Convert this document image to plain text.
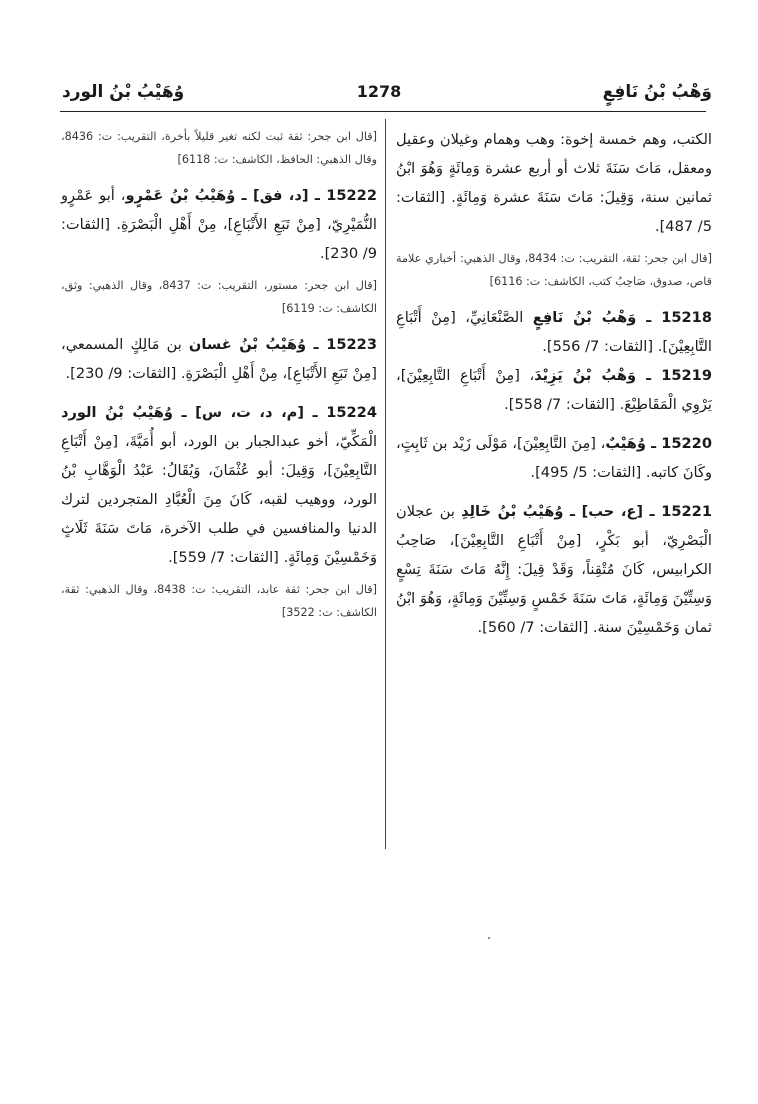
وَهْبُ بْنُ نَافِعٍ
1278
وُهَيْبُ بْنُ الورد

الكتب، وهم خمسة إخوة: وهب وهمام وغيلان وعقيل ومعقل، مَاتَ سَنَةَ ثلاث أو أربع عشرة وَمِائَةٍ وَهُوَ ابْنُ ثمانين سنة، وَقِيلَ: مَاتَ سَنَةَ عشرة وَمِائَةٍ. [الثقات: 5/ 487].

[قال ابن جحر: ثقة، التقريب: ت: 8434، وقال الذهبي: أخباري علامة قاص، صدوق، صَاحِبُ كتب، الكاشف: ت: 6116]

15218 ـ وَهْبُ بْنُ نَافِعٍ الصَّنْعَانِيِّ، [مِنْ أَتْبَاعِ التَّابِعِيْنَ]. [الثقات: 7/ 556].

15219 ـ وَهْبُ بْنُ يَزِيْدَ، [مِنْ أَتْبَاعِ التَّابِعِيْنَ]، يَرْوِي الْمَقَاطِيْعَ. [الثقات: 7/ 558].

15220 ـ وُهَيْبٌ، [مِنَ التَّابِعِيْنَ]، مَوْلَى زَيْد بن ثَابِتٍ، وكَانَ كاتبه. [الثقات: 5/ 495].

15221 ـ [ع، حب] ـ وُهَيْبُ بْنُ خَالِدِ بن عجلان الْبَصْرِيّ، أبو بَكْرٍ، [مِنْ أَتْبَاعِ التَّابِعِيْنَ]، صَاحِبُ الكرابيس، كَانَ مُتْقِناً، وَقَدْ قِيلَ: إِنَّهُ مَاتَ سَنَةَ تِسْعٍ وَسِتِّيْنَ وَمِائَةٍ، مَاتَ سَنَةَ خَمْسٍ وَسِتِّيْنَ وَمِائَةٍ، وَهُوَ ابْنُ ثمان وَخَمْسِيْنَ سنة. [الثقات: 7/ 560].

[قال ابن جحر: ثقة ثبت لكنه تغير قليلاً بأخرة، التقريب: ت: 8436، وقال الذهبي: الحافظ، الكاشف: ت: 6118]

15222 ـ [د، فق] ـ وُهَيْبُ بْنُ عَمْرٍو، أبو عَمْرٍو النُّمَيْرِيّ، [مِنْ تَبَعِ الأَتْبَاعِ]، مِنْ أَهْلِ الْبَصْرَةِ. [الثقات: 9/ 230].

[قال ابن جحر: مستور، التقريب: ت: 8437، وقال الذهبي: وثق، الكاشف: ت: 6119]

15223 ـ وُهَيْبُ بْنُ غسان بن مَالِكٍ المسمعي، [مِنْ تَبَعِ الأَتْبَاعِ]، مِنْ أَهْلِ الْبَصْرَةِ. [الثقات: 9/ 230].

15224 ـ [م، د، ت، س] ـ وُهَيْبُ بْنُ الورد الْمَكِّيّ، أخو عبدالجبار بن الورد، أبو أُمَيَّةَ، [مِنْ أَتْبَاعِ التَّابِعِيْنَ]، وَقِيلَ: أبو عُثْمَانَ، وَيُقَالُ: عَبْدُ الْوَهَّابِ بْنُ الورد، ووهيب لقبه، كَانَ مِنَ الْعُبَّادِ المتجردين لترك الدنيا والمنافسين في طلب الآخرة، مَاتَ سَنَةَ ثَلَاثٍ وَخَمْسِيْنَ وَمِائَةٍ. [الثقات: 7/ 559].

[قال ابن جحر: ثقة عابد، التقريب: ت: 8438، وقال الذهبي: ثقة، الكاشف: ت: 3522]
